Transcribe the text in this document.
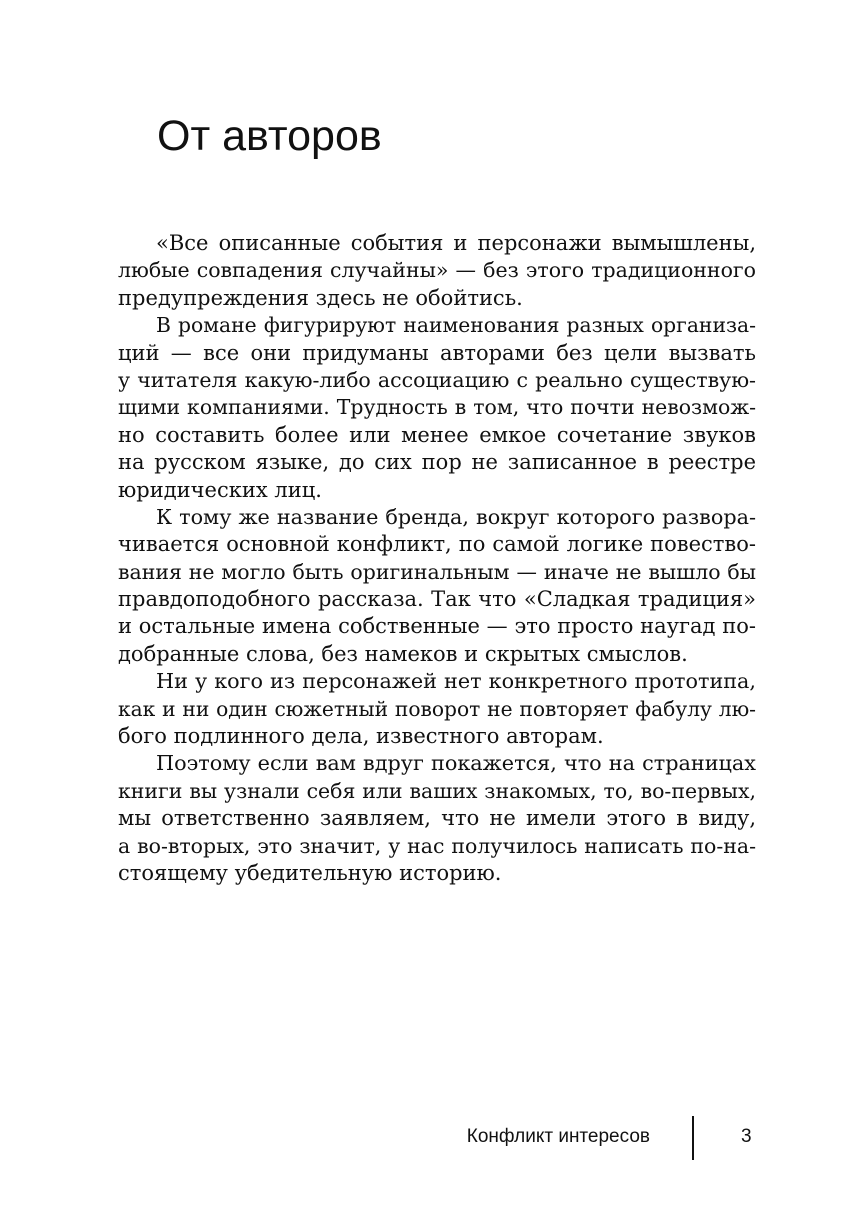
От авторов

«Все описанные события и персонажи вымышлены,
любые совпадения случайны» — без этого традиционного
предупреждения здесь не обойтись.

В романе фигурируют наименования разных организа-
ций — все они придуманы авторами без цели вызвать
у читателя какую-либо ассоциацию с реально существую-
щими компаниями. Трудность в том, что почти невозмож-
но составить более или менее емкое сочетание звуков
на русском языке, до сих пор не записанное в реестре
юридических лиц.

К тому же название бренда, вокруг которого развора-
чивается основной конфликт, по самой логике повество-
вания не могло быть оригинальным — иначе не вышло бы
правдоподобного рассказа. Так что «Сладкая традиция»
и остальные имена собственные — это просто наугад по-
добранные слова, без намеков и скрытых смыслов.

Ни у кого из персонажей нет конкретного прототипа,
как и ни один сюжетный поворот не повторяет фабулу лю-
бого подлинного дела, известного авторам.

Поэтому если вам вдруг покажется, что на страницах
книги вы узнали себя или ваших знакомых, то, во-первых,
мы ответственно заявляем, что не имели этого в виду,
а во-вторых, это значит, у нас получилось написать по-на-
стоящему убедительную историю.

Конфликт интересов	3
